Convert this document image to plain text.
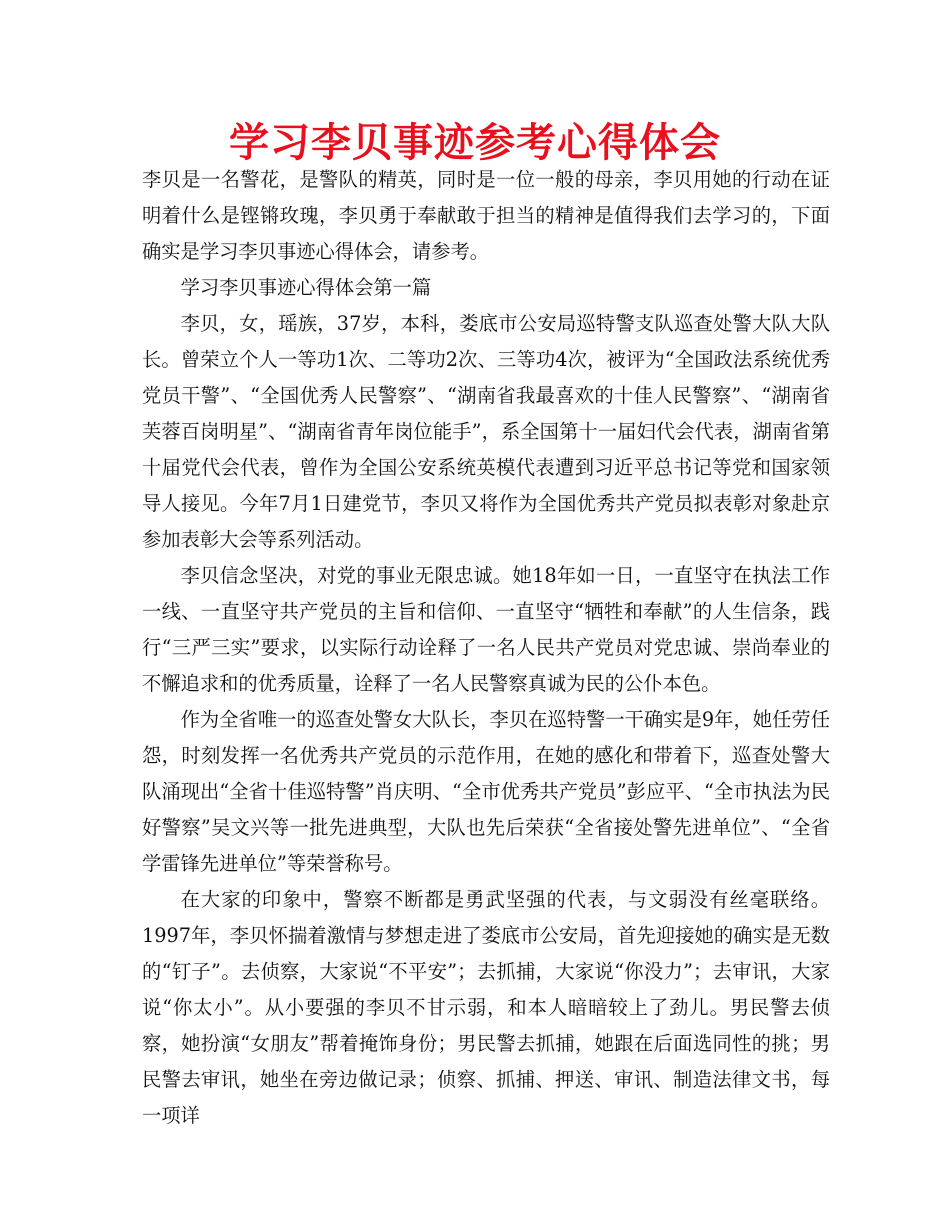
学习李贝事迹参考心得体会

李贝是一名警花，是警队的精英，同时是一位一般的母亲，李贝用她的行动在证明着什么是铿锵玫瑰，李贝勇于奉献敢于担当的精神是值得我们去学习的，下面确实是学习李贝事迹心得体会，请参考。

学习李贝事迹心得体会第一篇

李贝，女，瑶族，37岁，本科，娄底市公安局巡特警支队巡查处警大队大队长。曾荣立个人一等功1次、二等功2次、三等功4次，被评为“全国政法系统优秀党员干警”、“全国优秀人民警察”、“湖南省我最喜欢的十佳人民警察”、“湖南省芙蓉百岗明星”、“湖南省青年岗位能手”，系全国第十一届妇代会代表，湖南省第十届党代会代表，曾作为全国公安系统英模代表遭到习近平总书记等党和国家领导人接见。今年7月1日建党节，李贝又将作为全国优秀共产党员拟表彰对象赴京参加表彰大会等系列活动。

李贝信念坚决，对党的事业无限忠诚。她18年如一日，一直坚守在执法工作一线、一直坚守共产党员的主旨和信仰、一直坚守“牺牲和奉献”的人生信条，践行“三严三实”要求，以实际行动诠释了一名人民共产党员对党忠诚、崇尚奉业的不懈追求和的优秀质量，诠释了一名人民警察真诚为民的公仆本色。

作为全省唯一的巡查处警女大队长，李贝在巡特警一干确实是9年，她任劳任怨，时刻发挥一名优秀共产党员的示范作用，在她的感化和带着下，巡查处警大队涌现出“全省十佳巡特警”肖庆明、“全市优秀共产党员”彭应平、“全市执法为民好警察”吴文兴等一批先进典型，大队也先后荣获“全省接处警先进单位”、“全省学雷锋先进单位”等荣誉称号。

在大家的印象中，警察不断都是勇武坚强的代表，与文弱没有丝毫联络。1997年，李贝怀揣着激情与梦想走进了娄底市公安局，首先迎接她的确实是无数的“钉子”。去侦察，大家说“不平安”；去抓捕，大家说“你没力”；去审讯，大家说“你太小”。从小要强的李贝不甘示弱，和本人暗暗较上了劲儿。男民警去侦察，她扮演“女朋友”帮着掩饰身份；男民警去抓捕，她跟在后面选同性的挑；男民警去审讯，她坐在旁边做记录；侦察、抓捕、押送、审讯、制造法律文书，每一项详
